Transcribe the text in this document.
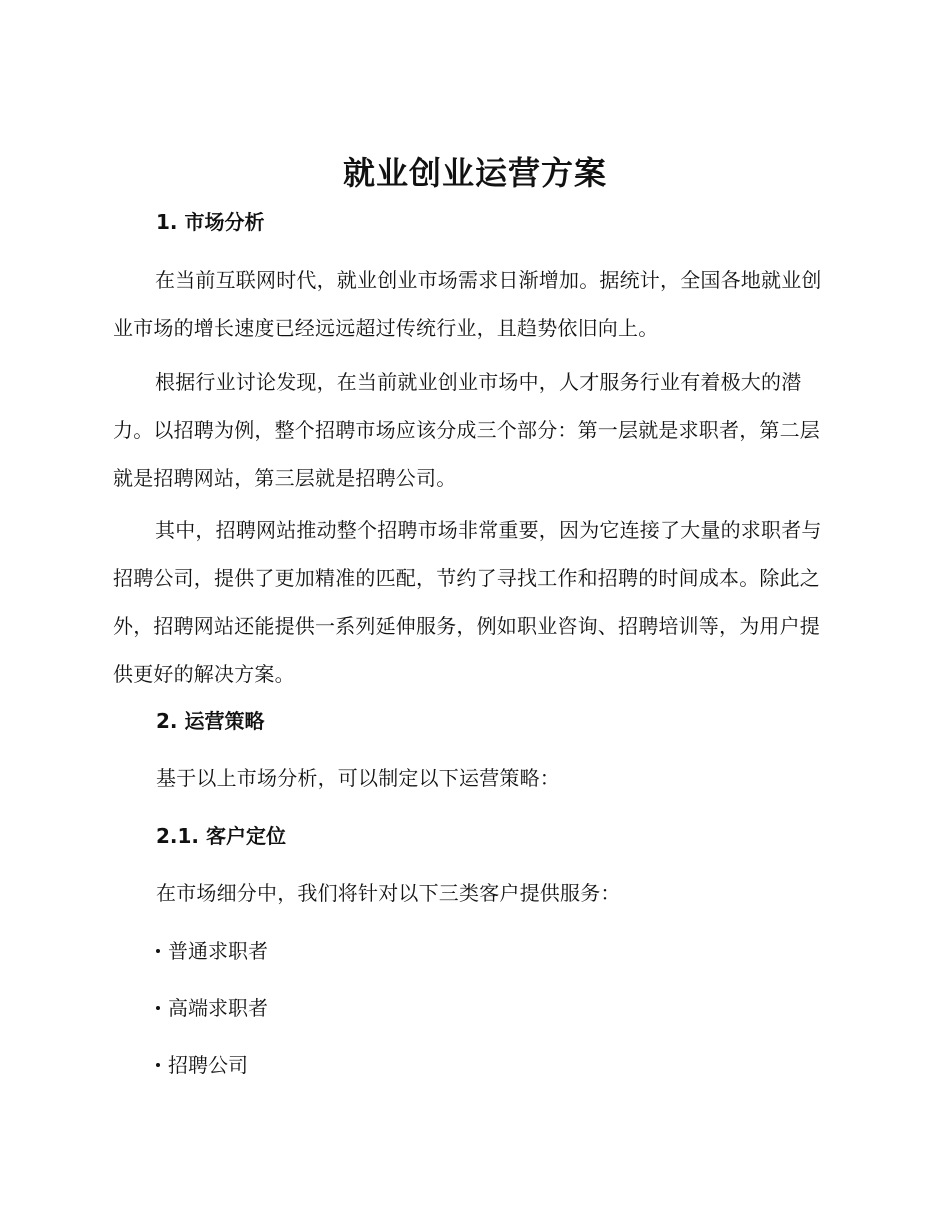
就业创业运营方案
1. 市场分析

在当前互联网时代，就业创业市场需求日渐增加。据统计，全国各地就业创业市场的增长速度已经远远超过传统行业，且趋势依旧向上。

根据行业讨论发现，在当前就业创业市场中，人才服务行业有着极大的潜力。以招聘为例，整个招聘市场应该分成三个部分：第一层就是求职者，第二层就是招聘网站，第三层就是招聘公司。

其中，招聘网站推动整个招聘市场非常重要，因为它连接了大量的求职者与招聘公司，提供了更加精准的匹配，节约了寻找工作和招聘的时间成本。除此之外，招聘网站还能提供一系列延伸服务，例如职业咨询、招聘培训等，为用户提供更好的解决方案。

2. 运营策略

基于以上市场分析，可以制定以下运营策略：

2.1. 客户定位

在市场细分中，我们将针对以下三类客户提供服务：

普通求职者
高端求职者
招聘公司
